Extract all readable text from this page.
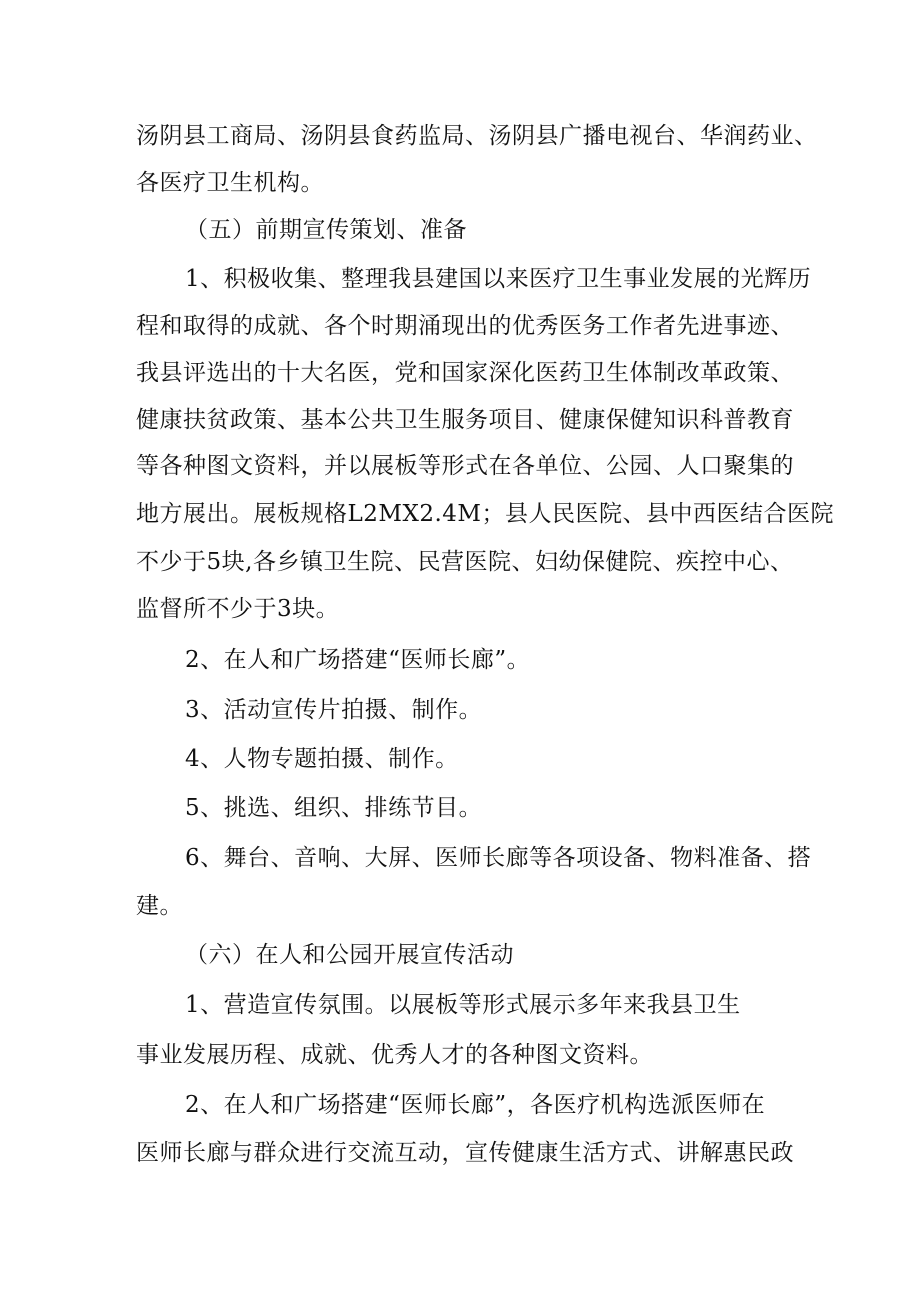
汤阴县工商局、汤阴县食药监局、汤阴县广播电视台、华润药业、
各医疗卫生机构。
（五）前期宣传策划、准备
1、积极收集、整理我县建国以来医疗卫生事业发展的光辉历
程和取得的成就、各个时期涌现出的优秀医务工作者先进事迹、
我县评选出的十大名医，党和国家深化医药卫生体制改革政策、
健康扶贫政策、基本公共卫生服务项目、健康保健知识科普教育
等各种图文资料，并以展板等形式在各单位、公园、人口聚集的
地方展出。展板规格L2MX2.4M；县人民医院、县中西医结合医院
不少于5块,各乡镇卫生院、民营医院、妇幼保健院、疾控中心、
监督所不少于3块。
2、在人和广场搭建“医师长廊”。
3、活动宣传片拍摄、制作。
4、人物专题拍摄、制作。
5、挑选、组织、排练节目。
6、舞台、音响、大屏、医师长廊等各项设备、物料准备、搭
建。
（六）在人和公园开展宣传活动
1、营造宣传氛围。以展板等形式展示多年来我县卫生
事业发展历程、成就、优秀人才的各种图文资料。
2、在人和广场搭建“医师长廊”，各医疗机构选派医师在
医师长廊与群众进行交流互动，宣传健康生活方式、讲解惠民政
